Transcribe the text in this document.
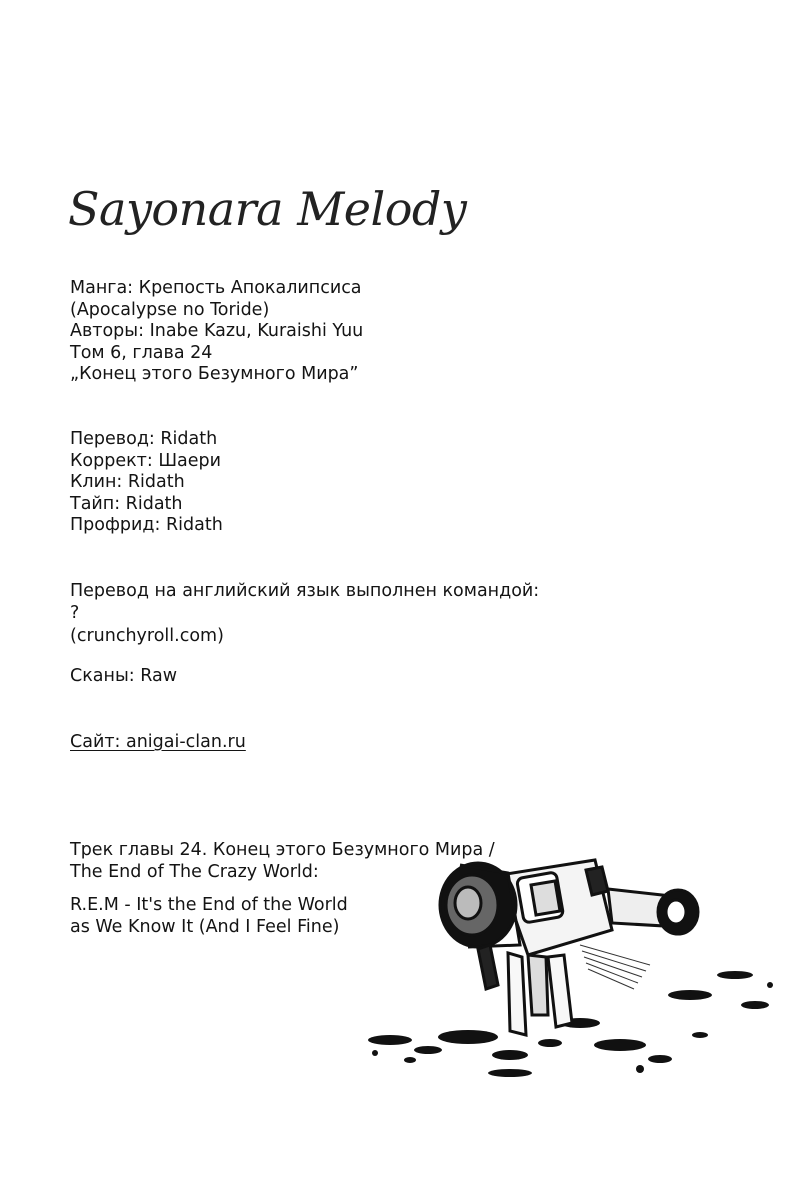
Sayonara Melody
Манга: Крепость Апокалипсиса
(Apocalypse no Toride)
Авторы: Inabe Kazu, Kuraishi Yuu
Том 6, глава 24
„Конец этого Безумного Мира”
Перевод: Ridath
Коррект: Шаери
Клин: Ridath
Тайп: Ridath
Профрид: Ridath
Перевод на английский язык выполнен командой:
?
(crunchyroll.com)
Сканы: Raw
Сайт: anigai-clan.ru
Трек главы 24. Конец этого Безумного Мира /
The End of The Crazy World:
R.E.M - It's the End of the World
as We Know It (And I Feel Fine)
